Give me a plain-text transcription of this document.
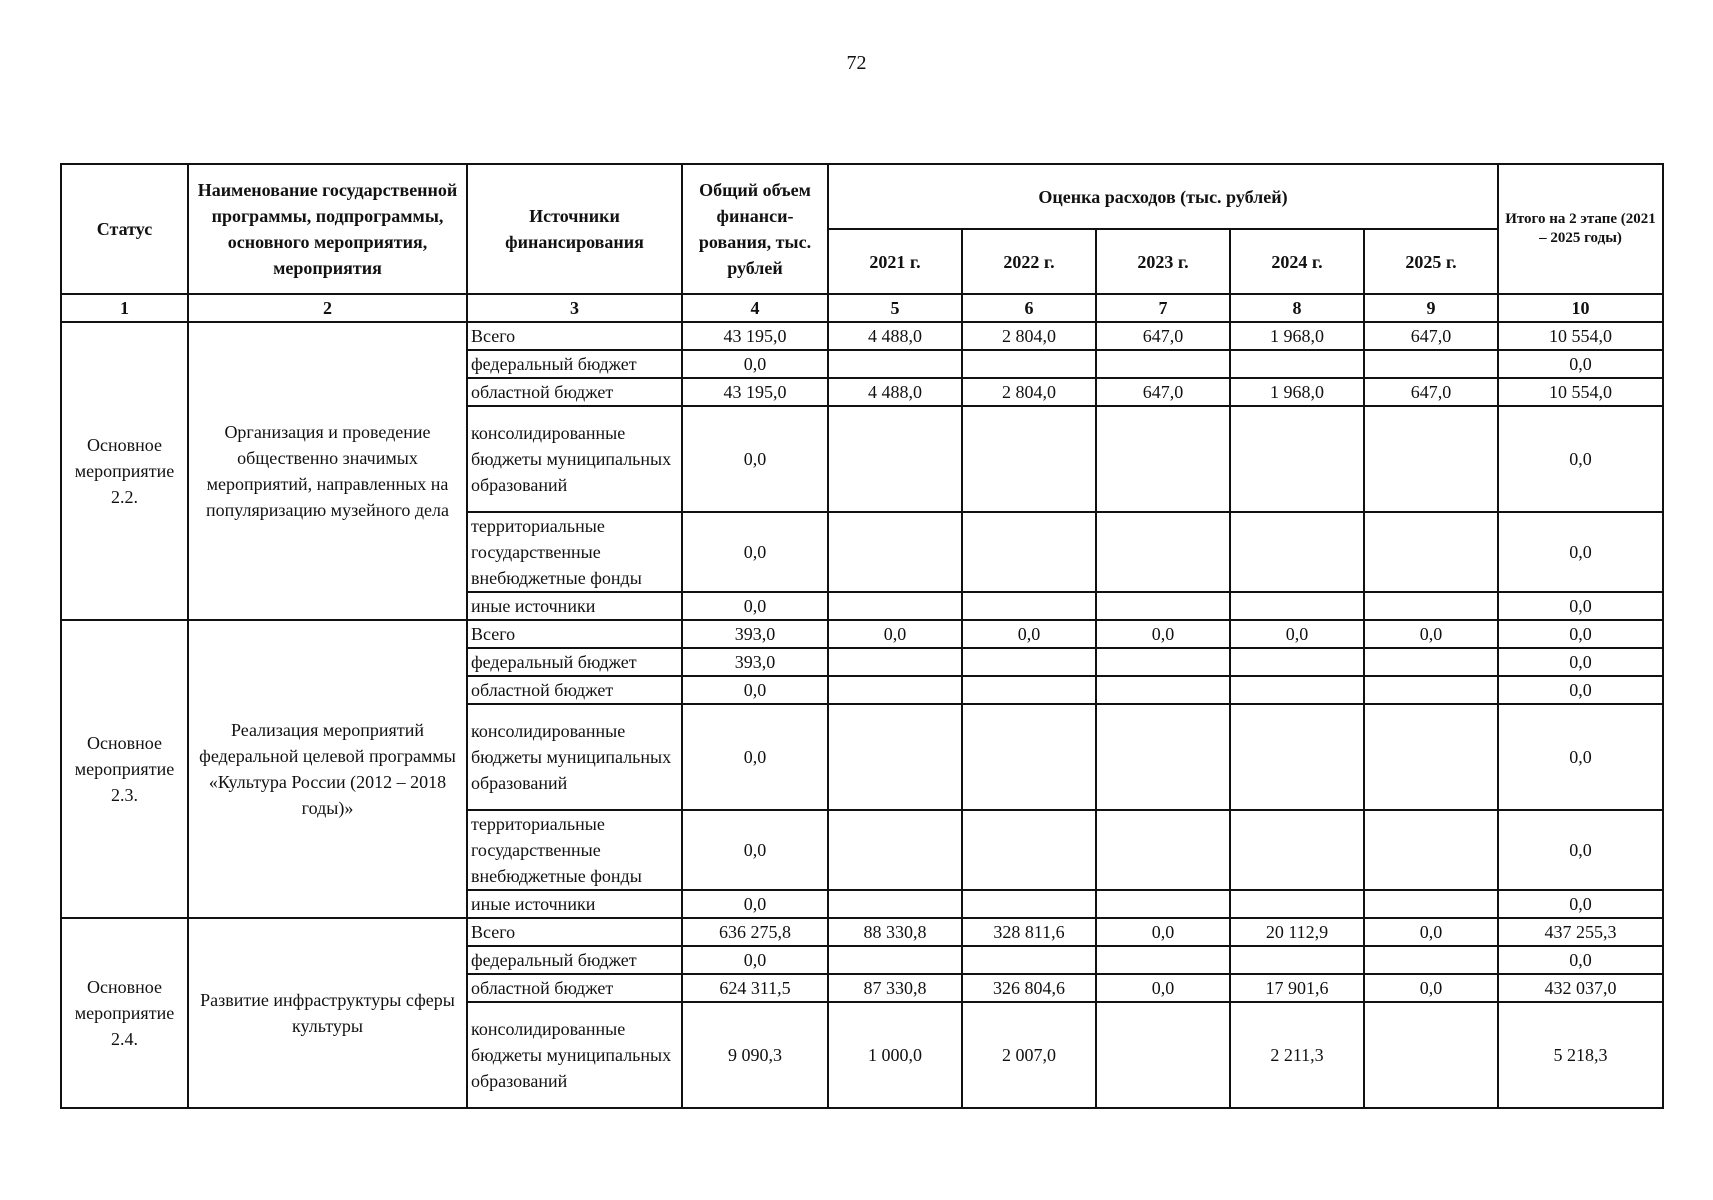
72
Статус	Наименование государственной программы, подпрограммы, основного мероприятия, мероприятия	Источники финансирования	Общий объем финанси-рования, тыс. рублей	Оценка расходов (тыс. рублей)					Итого на 2 этапе (2021 – 2025 годы)
				2021 г.	2022 г.	2023 г.	2024 г.	2025 г.	
1	2	3	4	5	6	7	8	9	10
Основное мероприятие 2.2.	Организация и проведение общественно значимых мероприятий, направленных на популяризацию музейного дела	Всего	43 195,0	4 488,0	2 804,0	647,0	1 968,0	647,0	10 554,0
		федеральный бюджет	0,0						0,0
		областной бюджет	43 195,0	4 488,0	2 804,0	647,0	1 968,0	647,0	10 554,0
		консолидированные бюджеты муниципальных образований	0,0						0,0
		территориальные государственные внебюджетные фонды	0,0						0,0
		иные источники	0,0						0,0
Основное мероприятие 2.3.	Реализация мероприятий федеральной целевой программы «Культура России (2012 – 2018 годы)»	Всего	393,0	0,0	0,0	0,0	0,0	0,0	0,0
		федеральный бюджет	393,0						0,0
		областной бюджет	0,0						0,0
		консолидированные бюджеты муниципальных образований	0,0						0,0
		территориальные государственные внебюджетные фонды	0,0						0,0
		иные источники	0,0						0,0
Основное мероприятие 2.4.	Развитие инфраструктуры сферы культуры	Всего	636 275,8	88 330,8	328 811,6	0,0	20 112,9	0,0	437 255,3
		федеральный бюджет	0,0						0,0
		областной бюджет	624 311,5	87 330,8	326 804,6	0,0	17 901,6	0,0	432 037,0
		консолидированные бюджеты муниципальных образований	9 090,3	1 000,0	2 007,0		2 211,3		5 218,3
